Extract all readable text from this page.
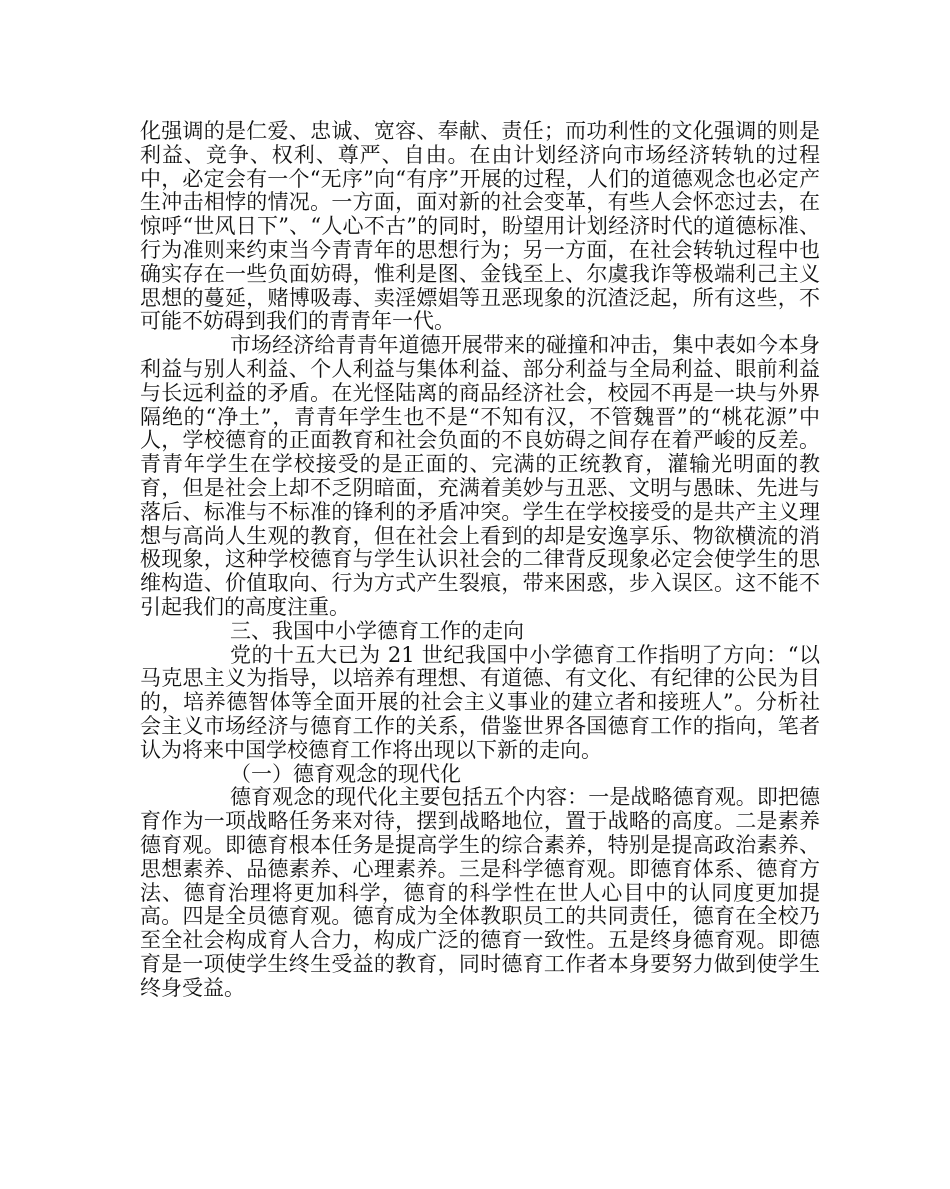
化强调的是仁爱、忠诚、宽容、奉献、责任；而功利性的文化强调的则是利益、竞争、权利、尊严、自由。在由计划经济向市场经济转轨的过程中，必定会有一个“无序”向“有序”开展的过程，人们的道德观念也必定产生冲击相悖的情况。一方面，面对新的社会变革，有些人会怀恋过去，在惊呼“世风日下”、“人心不古”的同时，盼望用计划经济时代的道德标准、行为准则来约束当今青青年的思想行为；另一方面，在社会转轨过程中也确实存在一些负面妨碍，惟利是图、金钱至上、尔虞我诈等极端利己主义思想的蔓延，赌博吸毒、卖淫嫖娼等丑恶现象的沉渣泛起，所有这些，不可能不妨碍到我们的青青年一代。

市场经济给青青年道德开展带来的碰撞和冲击，集中表如今本身利益与别人利益、个人利益与集体利益、部分利益与全局利益、眼前利益与长远利益的矛盾。在光怪陆离的商品经济社会，校园不再是一块与外界隔绝的“净土”，青青年学生也不是“不知有汉，不管魏晋”的“桃花源”中人，学校德育的正面教育和社会负面的不良妨碍之间存在着严峻的反差。青青年学生在学校接受的是正面的、完满的正统教育，灌输光明面的教育，但是社会上却不乏阴暗面，充满着美妙与丑恶、文明与愚昧、先进与落后、标准与不标准的锋利的矛盾冲突。学生在学校接受的是共产主义理想与高尚人生观的教育，但在社会上看到的却是安逸享乐、物欲横流的消极现象，这种学校德育与学生认识社会的二律背反现象必定会使学生的思维构造、价值取向、行为方式产生裂痕，带来困惑，步入误区。这不能不引起我们的高度注重。

三、我国中小学德育工作的走向

党的十五大已为 21 世纪我国中小学德育工作指明了方向：“以马克思主义为指导，以培养有理想、有道德、有文化、有纪律的公民为目的，培养德智体等全面开展的社会主义事业的建立者和接班人”。分析社会主义市场经济与德育工作的关系，借鉴世界各国德育工作的指向，笔者认为将来中国学校德育工作将出现以下新的走向。

（一）德育观念的现代化

德育观念的现代化主要包括五个内容：一是战略德育观。即把德育作为一项战略任务来对待，摆到战略地位，置于战略的高度。二是素养德育观。即德育根本任务是提高学生的综合素养，特别是提高政治素养、思想素养、品德素养、心理素养。三是科学德育观。即德育体系、德育方法、德育治理将更加科学，德育的科学性在世人心目中的认同度更加提高。四是全员德育观。德育成为全体教职员工的共同责任，德育在全校乃至全社会构成育人合力，构成广泛的德育一致性。五是终身德育观。即德育是一项使学生终生受益的教育，同时德育工作者本身要努力做到使学生终身受益。
